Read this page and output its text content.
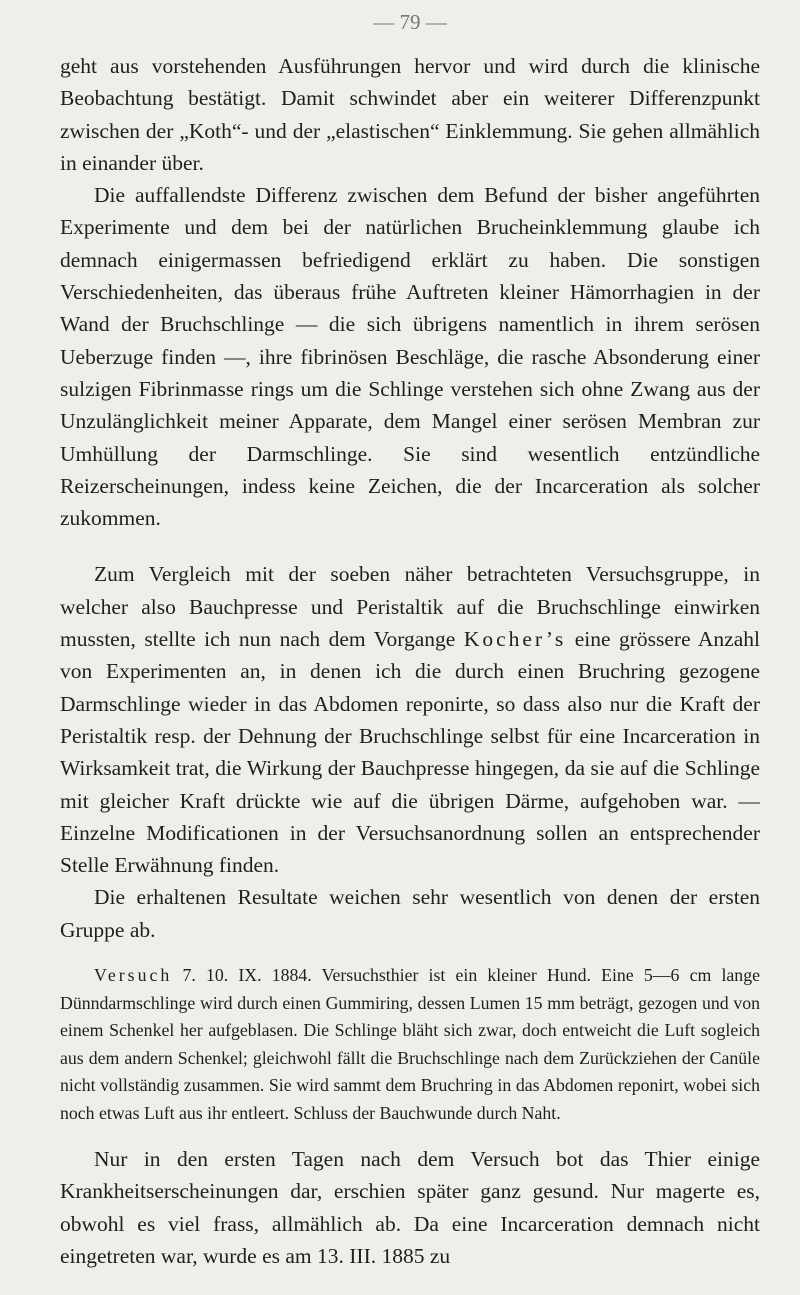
— 79 —

geht aus vorstehenden Ausführungen hervor und wird durch die klinische Beobachtung bestätigt. Damit schwindet aber ein weiterer Differenzpunkt zwischen der „Koth“- und der „elastischen“ Einklemmung. Sie gehen allmählich in einander über.

Die auffallendste Differenz zwischen dem Befund der bisher angeführten Experimente und dem bei der natürlichen Brucheinklemmung glaube ich demnach einigermassen befriedigend erklärt zu haben. Die sonstigen Verschiedenheiten, das überaus frühe Auftreten kleiner Hämorrhagien in der Wand der Bruchschlinge — die sich übrigens namentlich in ihrem serösen Ueberzuge finden —, ihre fibrinösen Beschläge, die rasche Absonderung einer sulzigen Fibrinmasse rings um die Schlinge verstehen sich ohne Zwang aus der Unzulänglichkeit meiner Apparate, dem Mangel einer serösen Membran zur Umhüllung der Darmschlinge. Sie sind wesentlich entzündliche Reizerscheinungen, indess keine Zeichen, die der Incarceration als solcher zukommen.

Zum Vergleich mit der soeben näher betrachteten Versuchsgruppe, in welcher also Bauchpresse und Peristaltik auf die Bruchschlinge einwirken mussten, stellte ich nun nach dem Vorgange Kocher’s eine grössere Anzahl von Experimenten an, in denen ich die durch einen Bruchring gezogene Darmschlinge wieder in das Abdomen reponirte, so dass also nur die Kraft der Peristaltik resp. der Dehnung der Bruchschlinge selbst für eine Incarceration in Wirksamkeit trat, die Wirkung der Bauchpresse hingegen, da sie auf die Schlinge mit gleicher Kraft drückte wie auf die übrigen Därme, aufgehoben war. — Einzelne Modificationen in der Versuchsanordnung sollen an entsprechender Stelle Erwähnung finden.

Die erhaltenen Resultate weichen sehr wesentlich von denen der ersten Gruppe ab.

Versuch 7. 10. IX. 1884. Versuchsthier ist ein kleiner Hund. Eine 5—6 cm lange Dünndarmschlinge wird durch einen Gummiring, dessen Lumen 15 mm beträgt, gezogen und von einem Schenkel her aufgeblasen. Die Schlinge bläht sich zwar, doch entweicht die Luft sogleich aus dem andern Schenkel; gleichwohl fällt die Bruchschlinge nach dem Zurückziehen der Canüle nicht vollständig zusammen. Sie wird sammt dem Bruchring in das Abdomen reponirt, wobei sich noch etwas Luft aus ihr entleert. Schluss der Bauchwunde durch Naht.

Nur in den ersten Tagen nach dem Versuch bot das Thier einige Krankheitserscheinungen dar, erschien später ganz gesund. Nur magerte es, obwohl es viel frass, allmählich ab. Da eine Incarceration demnach nicht eingetreten war, wurde es am 13. III. 1885 zu
